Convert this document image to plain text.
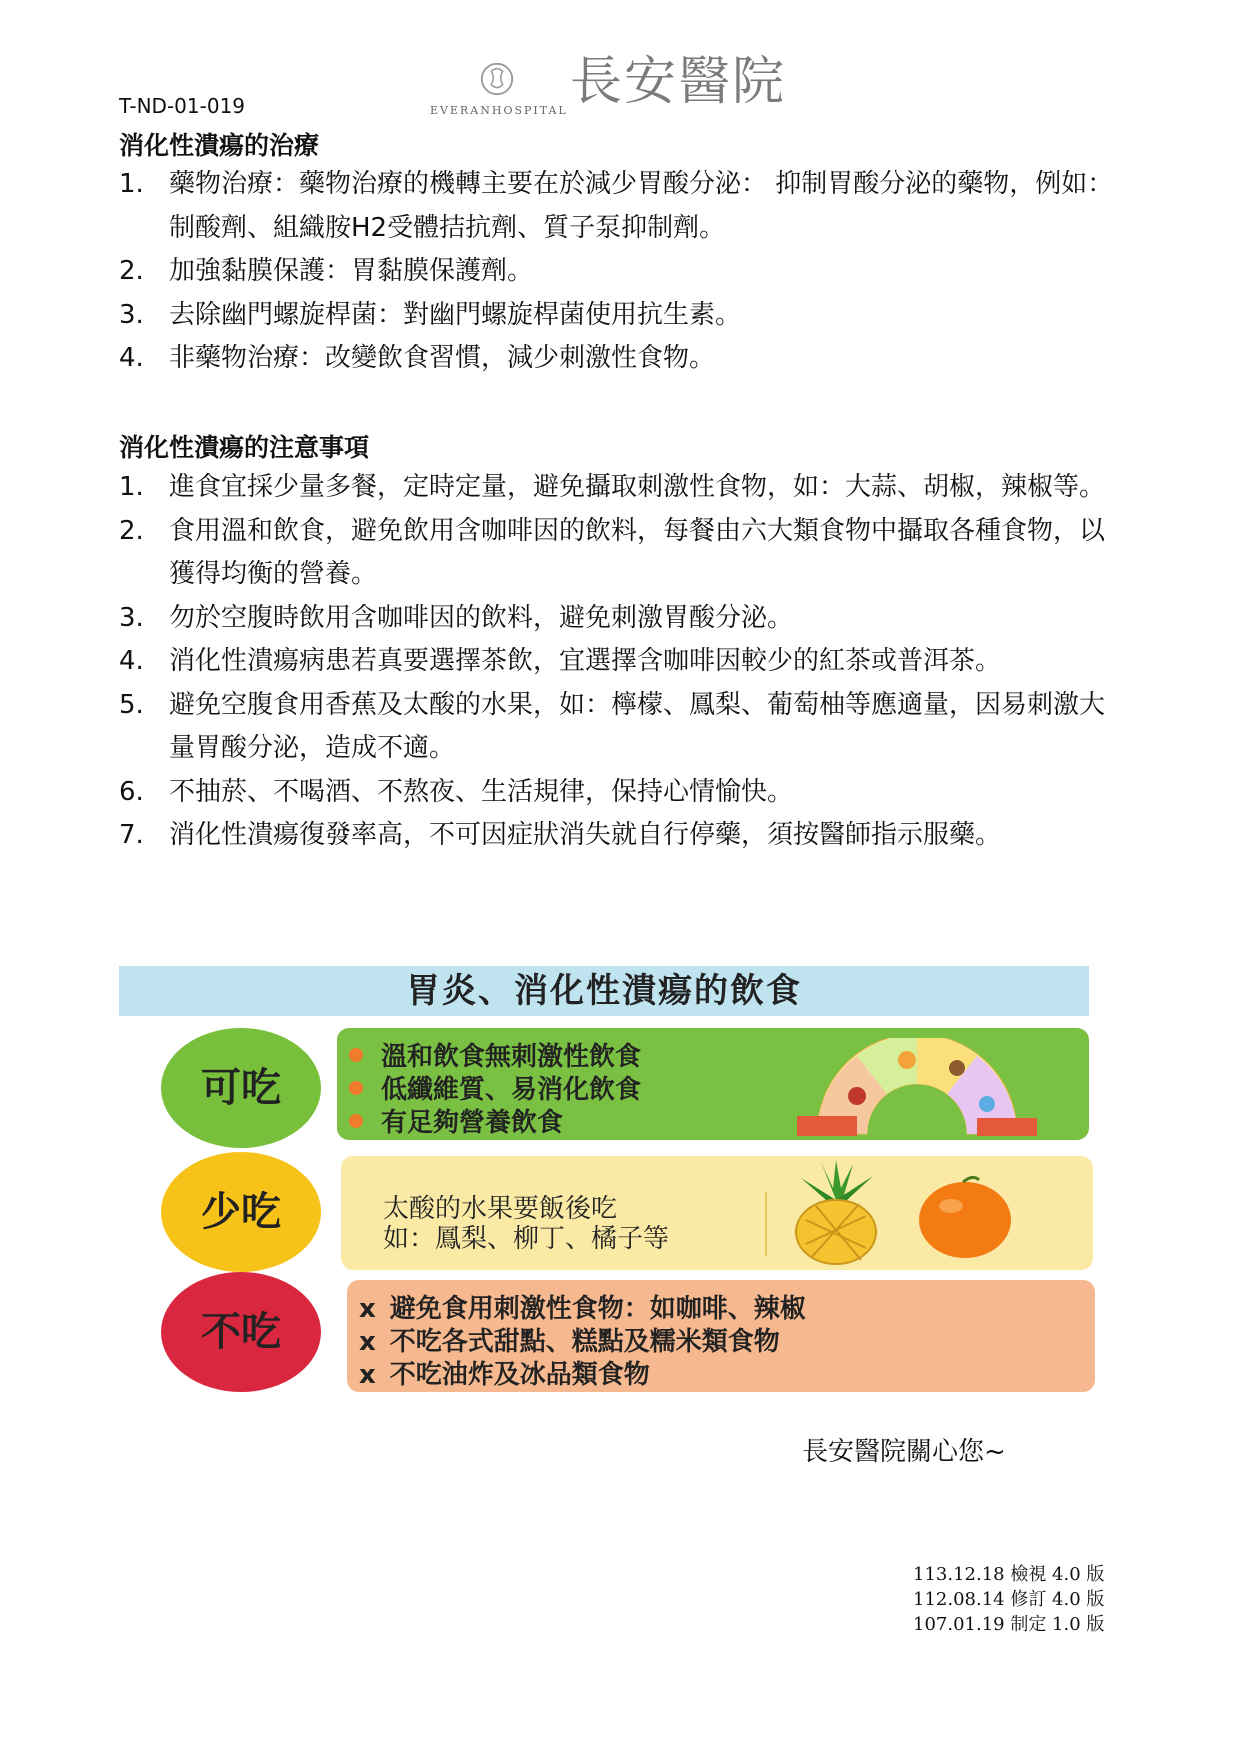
T-ND-01-019	EVERANHOSPITAL 長安醫院
消化性潰瘍的治療
1. 藥物治療：藥物治療的機轉主要在於減少胃酸分泌： 抑制胃酸分泌的藥物，例如：制酸劑、組織胺H2受體拮抗劑、質子泵抑制劑。
2. 加強黏膜保護：胃黏膜保護劑。
3. 去除幽門螺旋桿菌：對幽門螺旋桿菌使用抗生素。
4. 非藥物治療：改變飲食習慣，減少刺激性食物。
消化性潰瘍的注意事項
1. 進食宜採少量多餐，定時定量，避免攝取刺激性食物，如：大蒜、胡椒，辣椒等。
2. 食用溫和飲食，避免飲用含咖啡因的飲料，每餐由六大類食物中攝取各種食物，以獲得均衡的營養。
3. 勿於空腹時飲用含咖啡因的飲料，避免刺激胃酸分泌。
4. 消化性潰瘍病患若真要選擇茶飲，宜選擇含咖啡因較少的紅茶或普洱茶。
5. 避免空腹食用香蕉及太酸的水果，如：檸檬、鳳梨、葡萄柚等應適量，因易刺激大量胃酸分泌，造成不適。
6. 不抽菸、不喝酒、不熬夜、生活規律，保持心情愉快。
7. 消化性潰瘍復發率高，不可因症狀消失就自行停藥，須按醫師指示服藥。
胃炎、消化性潰瘍的飲食
可吃
溫和飲食無刺激性飲食
低纖維質、易消化飲食
有足夠營養飲食
少吃	太酸的水果要飯後吃
如：鳳梨、柳丁、橘子等
不吃	x 避免食用刺激性食物：如咖啡、辣椒
x 不吃各式甜點、糕點及糯米類食物
x 不吃油炸及冰品類食物
長安醫院關心您~
113.12.18 檢視 4.0 版
112.08.14 修訂 4.0 版
107.01.19 制定 1.0 版
